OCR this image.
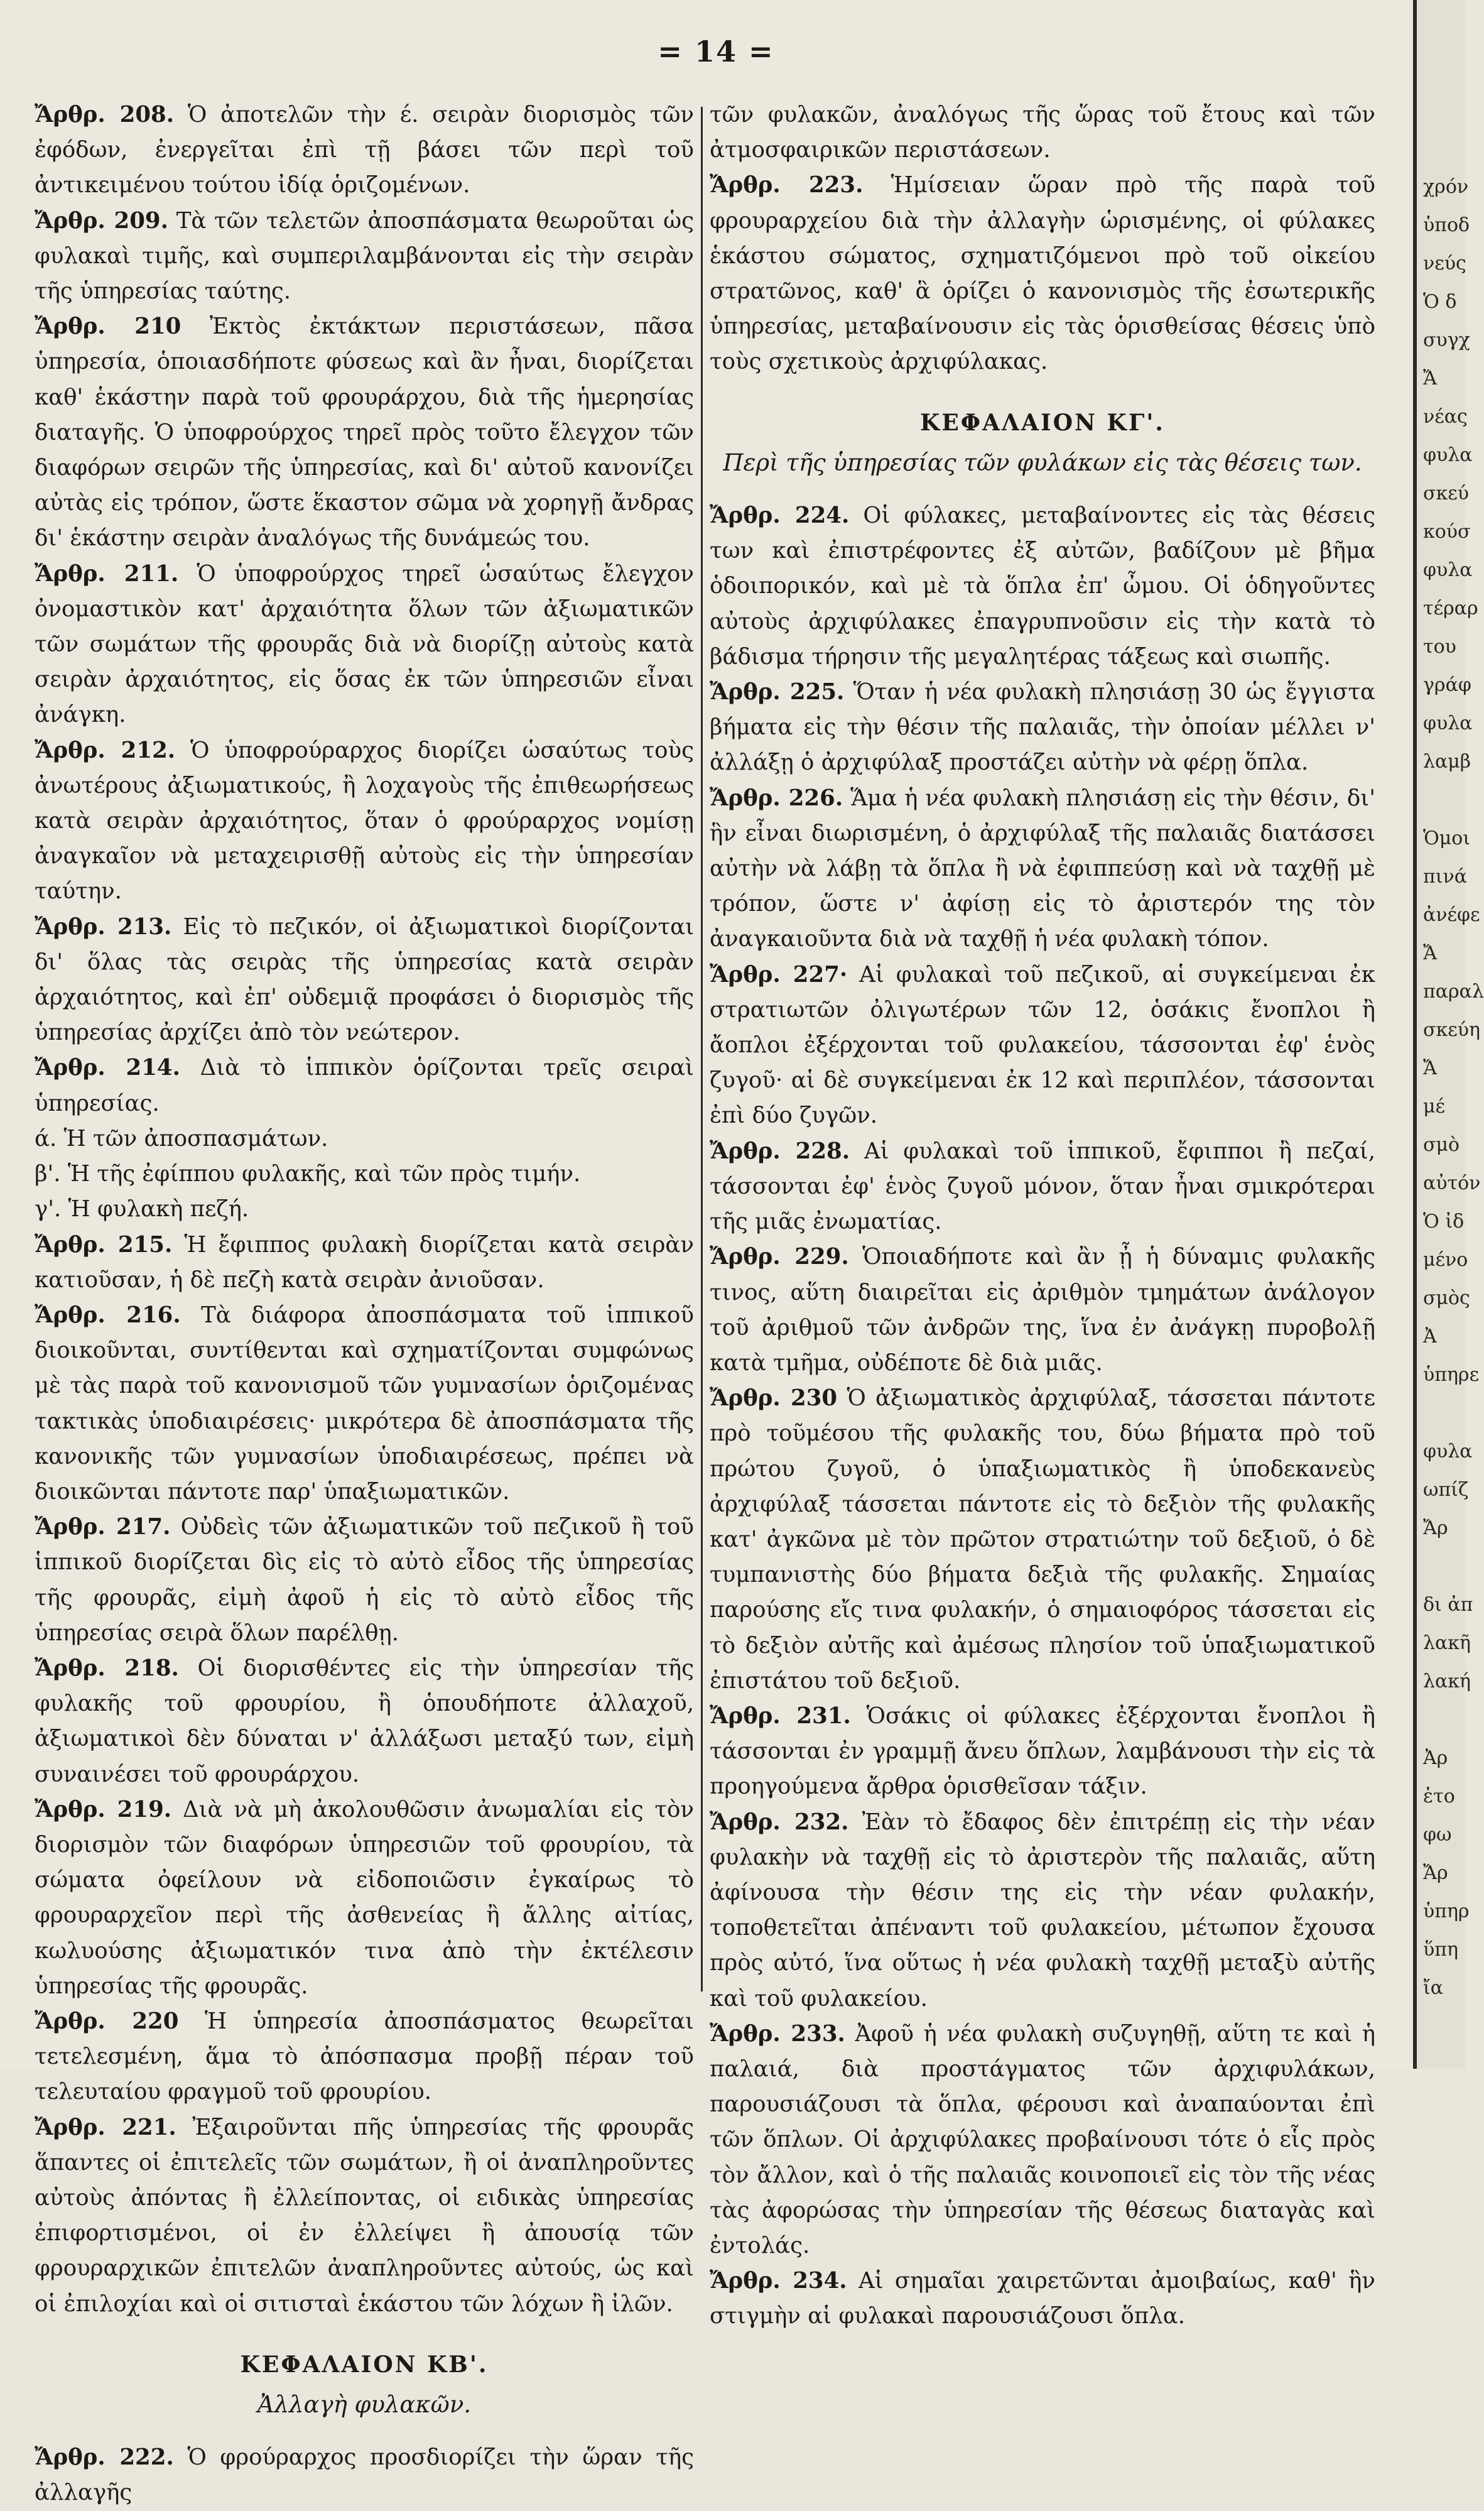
= 14 =

Ἄρθρ. 208. Ὁ ἀποτελῶν τὴν έ. σειρὰν διορισμὸς τῶν ἐφόδων, ἐνεργεῖται ἐπὶ τῇ βάσει τῶν περὶ τοῦ ἀντικειμένου τούτου ἰδίᾳ ὁριζομένων.

Ἄρθρ. 209. Τὰ τῶν τελετῶν ἀποσπάσματα θεωροῦται ὡς φυλακαὶ τιμῆς, καὶ συμπεριλαμβάνονται εἰς τὴν σειρὰν τῆς ὑπηρεσίας ταύτης.

Ἄρθρ. 210 Ἐκτὸς ἐκτάκτων περιστάσεων, πᾶσα ὑπηρεσία, ὁποιασδήποτε φύσεως καὶ ἂν ἦναι, διορίζεται καθ' ἑκάστην παρὰ τοῦ φρουράρχου, διὰ τῆς ἡμερησίας διαταγῆς. Ὁ ὑποφρούρχος τηρεῖ πρὸς τοῦτο ἔλεγχον τῶν διαφόρων σειρῶν τῆς ὑπηρεσίας, καὶ δι' αὐτοῦ κανονίζει αὐτὰς εἰς τρόπον, ὥστε ἕκαστον σῶμα νὰ χορηγῇ ἄνδρας δι' ἑκάστην σειρὰν ἀναλόγως τῆς δυνάμεώς του.

Ἄρθρ. 211. Ὁ ὑποφρούρχος τηρεῖ ὡσαύτως ἔλεγχον ὀνομαστικὸν κατ' ἀρχαιότητα ὅλων τῶν ἀξιωματικῶν τῶν σωμάτων τῆς φρουρᾶς διὰ νὰ διορίζῃ αὐτοὺς κατὰ σειρὰν ἀρχαιότητος, εἰς ὅσας ἐκ τῶν ὑπηρεσιῶν εἶναι ἀνάγκη.

Ἄρθρ. 212. Ὁ ὑποφρούραρχος διορίζει ὡσαύτως τοὺς ἀνωτέρους ἀξιωματικούς, ἢ λοχαγοὺς τῆς ἐπιθεωρήσεως κατὰ σειρὰν ἀρχαιότητος, ὅταν ὁ φρούραρχος νομίσῃ ἀναγκαῖον νὰ μεταχειρισθῇ αὐτοὺς εἰς τὴν ὑπηρεσίαν ταύτην.

Ἄρθρ. 213. Εἰς τὸ πεζικόν, οἱ ἀξιωματικοὶ διορίζονται δι' ὅλας τὰς σειρὰς τῆς ὑπηρεσίας κατὰ σειρὰν ἀρχαιότητος, καὶ ἐπ' οὐδεμιᾷ προφάσει ὁ διορισμὸς τῆς ὑπηρεσίας ἀρχίζει ἀπὸ τὸν νεώτερον.

Ἄρθρ. 214. Διὰ τὸ ἱππικὸν ὁρίζονται τρεῖς σειραὶ ὑπηρεσίας.

ά. Ἡ τῶν ἀποσπασμάτων.

β'. Ἡ τῆς ἐφίππου φυλακῆς, καὶ τῶν πρὸς τιμήν.

γ'. Ἡ φυλακὴ πεζή.

Ἄρθρ. 215. Ἡ ἔφιππος φυλακὴ διορίζεται κατὰ σειρὰν κατιοῦσαν, ἡ δὲ πεζὴ κατὰ σειρὰν ἀνιοῦσαν.

Ἄρθρ. 216. Τὰ διάφορα ἀποσπάσματα τοῦ ἱππικοῦ διοικοῦνται, συντίθενται καὶ σχηματίζονται συμφώνως μὲ τὰς παρὰ τοῦ κανονισμοῦ τῶν γυμνασίων ὁριζομένας τακτικὰς ὑποδιαιρέσεις· μικρότερα δὲ ἀποσπάσματα τῆς κανονικῆς τῶν γυμνασίων ὑποδιαιρέσεως, πρέπει νὰ διοικῶνται πάντοτε παρ' ὑπαξιωματικῶν.

Ἄρθρ. 217. Οὐδεὶς τῶν ἀξιωματικῶν τοῦ πεζικοῦ ἢ τοῦ ἱππικοῦ διορίζεται δὶς εἰς τὸ αὐτὸ εἶδος τῆς ὑπηρεσίας τῆς φρουρᾶς, εἰμὴ ἀφοῦ ἡ εἰς τὸ αὐτὸ εἶδος τῆς ὑπηρεσίας σειρὰ ὅλων παρέλθῃ.

Ἄρθρ. 218. Οἱ διορισθέντες εἰς τὴν ὑπηρεσίαν τῆς φυλακῆς τοῦ φρουρίου, ἢ ὁπουδήποτε ἀλλαχοῦ, ἀξιωματικοὶ δὲν δύναται ν' ἀλλάξωσι μεταξύ των, εἰμὴ συναινέσει τοῦ φρουράρχου.

Ἄρθρ. 219. Διὰ νὰ μὴ ἀκολουθῶσιν ἀνωμαλίαι εἰς τὸν διορισμὸν τῶν διαφόρων ὑπηρεσιῶν τοῦ φρουρίου, τὰ σώματα ὀφείλουν νὰ εἰδοποιῶσιν ἐγκαίρως τὸ φρουραρχεῖον περὶ τῆς ἀσθενείας ἢ ἄλλης αἰτίας, κωλυούσης ἀξιωματικόν τινα ἀπὸ τὴν ἐκτέλεσιν ὑπηρεσίας τῆς φρουρᾶς.

Ἄρθρ. 220 Ἡ ὑπηρεσία ἀποσπάσματος θεωρεῖται τετελεσμένη, ἅμα τὸ ἀπόσπασμα προβῇ πέραν τοῦ τελευταίου φραγμοῦ τοῦ φρουρίου.

Ἄρθρ. 221. Ἐξαιροῦνται πῆς ὑπηρεσίας τῆς φρουρᾶς ἅπαντες οἱ ἐπιτελεῖς τῶν σωμάτων, ἢ οἱ ἀναπληροῦντες αὐτοὺς ἀπόντας ἢ ἐλλείποντας, οἱ ειδικὰς ὑπηρεσίας ἐπιφορτισμένοι, οἱ ἐν ἐλλείψει ἢ ἀπουσίᾳ τῶν φρουραρχικῶν ἐπιτελῶν ἀναπληροῦντες αὐτούς, ὡς καὶ οἱ ἐπιλοχίαι καὶ οἱ σιτισταὶ ἑκάστου τῶν λόχων ἢ ἰλῶν.

ΚΕΦΑΛΑΙΟΝ ΚΒ'.
Ἀλλαγὴ φυλακῶν.

Ἄρθρ. 222. Ὁ φρούραρχος προσδιορίζει τὴν ὥραν τῆς ἀλλαγῆς

τῶν φυλακῶν, ἀναλόγως τῆς ὥρας τοῦ ἔτους καὶ τῶν ἀτμοσφαιρικῶν περιστάσεων.

Ἄρθρ. 223. Ἡμίσειαν ὥραν πρὸ τῆς παρὰ τοῦ φρουραρχείου διὰ τὴν ἀλλαγὴν ὡρισμένης, οἱ φύλακες ἑκάστου σώματος, σχηματιζόμενοι πρὸ τοῦ οἰκείου στρατῶνος, καθ' ἃ ὁρίζει ὁ κανονισμὸς τῆς ἐσωτερικῆς ὑπηρεσίας, μεταβαίνουσιν εἰς τὰς ὁρισθείσας θέσεις ὑπὸ τοὺς σχετικοὺς ἀρχιφύλακας.

ΚΕΦΑΛΑΙΟΝ ΚΓ'.
Περὶ τῆς ὑπηρεσίας τῶν φυλάκων εἰς τὰς θέσεις των.

Ἄρθρ. 224. Οἱ φύλακες, μεταβαίνοντες εἰς τὰς θέσεις των καὶ ἐπιστρέφοντες ἐξ αὐτῶν, βαδίζουν μὲ βῆμα ὁδοιπορικόν, καὶ μὲ τὰ ὅπλα ἐπ' ὦμου. Οἱ ὁδηγοῦντες αὐτοὺς ἀρχιφύλακες ἐπαγρυπνοῦσιν εἰς τὴν κατὰ τὸ βάδισμα τήρησιν τῆς μεγαλητέρας τάξεως καὶ σιωπῆς.

Ἄρθρ. 225. Ὅταν ἡ νέα φυλακὴ πλησιάσῃ 30 ὡς ἔγγιστα βήματα εἰς τὴν θέσιν τῆς παλαιᾶς, τὴν ὁποίαν μέλλει ν' ἀλλάξῃ ὁ ἀρχιφύλαξ προστάζει αὐτὴν νὰ φέρῃ ὅπλα.

Ἄρθρ. 226. Ἅμα ἡ νέα φυλακὴ πλησιάσῃ εἰς τὴν θέσιν, δι' ἣν εἶναι διωρισμένη, ὁ ἀρχιφύλαξ τῆς παλαιᾶς διατάσσει αὐτὴν νὰ λάβῃ τὰ ὅπλα ἢ νὰ ἐφιππεύσῃ καὶ νὰ ταχθῇ μὲ τρόπον, ὥστε ν' ἀφίσῃ εἰς τὸ ἀριστερόν της τὸν ἀναγκαιοῦντα διὰ νὰ ταχθῇ ἡ νέα φυλακὴ τόπον.

Ἄρθρ. 227· Αἱ φυλακαὶ τοῦ πεζικοῦ, αἱ συγκείμεναι ἐκ στρατιωτῶν ὀλιγωτέρων τῶν 12, ὁσάκις ἔνοπλοι ἢ ἄοπλοι ἐξέρχονται τοῦ φυλακείου, τάσσονται ἐφ' ἑνὸς ζυγοῦ· αἱ δὲ συγκείμεναι ἐκ 12 καὶ περιπλέον, τάσσονται ἐπὶ δύο ζυγῶν.

Ἄρθρ. 228. Αἱ φυλακαὶ τοῦ ἱππικοῦ, ἔφιπποι ἢ πεζαί, τάσσονται ἐφ' ἑνὸς ζυγοῦ μόνον, ὅταν ἦναι σμικρότεραι τῆς μιᾶς ἐνωματίας.

Ἄρθρ. 229. Ὁποιαδήποτε καὶ ἂν ᾖ ἡ δύναμις φυλακῆς τινος, αὕτη διαιρεῖται εἰς ἀριθμὸν τμημάτων ἀνάλογον τοῦ ἀριθμοῦ τῶν ἀνδρῶν της, ἵνα ἐν ἀνάγκῃ πυροβολῇ κατὰ τμῆμα, οὐδέποτε δὲ διὰ μιᾶς.

Ἄρθρ. 230 Ὁ ἀξιωματικὸς ἀρχιφύλαξ, τάσσεται πάντοτε πρὸ τοῦμέσου τῆς φυλακῆς του, δύω βήματα πρὸ τοῦ πρώτου ζυγοῦ, ὁ ὑπαξιωματικὸς ἢ ὑποδεκανεὺς ἀρχιφύλαξ τάσσεται πάντοτε εἰς τὸ δεξιὸν τῆς φυλακῆς κατ' ἀγκῶνα μὲ τὸν πρῶτον στρατιώτην τοῦ δεξιοῦ, ὁ δὲ τυμπανιστὴς δύο βήματα δεξιὰ τῆς φυλακῆς. Σημαίας παρούσης εἴς τινα φυλακήν, ὁ σημαιοφόρος τάσσεται εἰς τὸ δεξιὸν αὐτῆς καὶ ἀμέσως πλησίον τοῦ ὑπαξιωματικοῦ ἐπιστάτου τοῦ δεξιοῦ.

Ἄρθρ. 231. Ὁσάκις οἱ φύλακες ἐξέρχονται ἔνοπλοι ἢ τάσσονται ἐν γραμμῇ ἄνευ ὅπλων, λαμβάνουσι τὴν εἰς τὰ προηγούμενα ἄρθρα ὁρισθεῖσαν τάξιν.

Ἄρθρ. 232. Ἐὰν τὸ ἔδαφος δὲν ἐπιτρέπῃ εἰς τὴν νέαν φυλακὴν νὰ ταχθῇ εἰς τὸ ἀριστερὸν τῆς παλαιᾶς, αὕτη ἀφίνουσα τὴν θέσιν της εἰς τὴν νέαν φυλακήν, τοποθετεῖται ἀπέναντι τοῦ φυλακείου, μέτωπον ἔχουσα πρὸς αὐτό, ἵνα οὕτως ἡ νέα φυλακὴ ταχθῇ μεταξὺ αὐτῆς καὶ τοῦ φυλακείου.

Ἄρθρ. 233. Ἀφοῦ ἡ νέα φυλακὴ συζυγηθῇ, αὕτη τε καὶ ἡ παλαιά, διὰ προστάγματος τῶν ἀρχιφυλάκων, παρουσιάζουσι τὰ ὅπλα, φέρουσι καὶ ἀναπαύονται ἐπὶ τῶν ὅπλων. Οἱ ἀρχιφύλακες προβαίνουσι τότε ὁ εἷς πρὸς τὸν ἄλλον, καὶ ὁ τῆς παλαιᾶς κοινοποιεῖ εἰς τὸν τῆς νέας τὰς ἀφορώσας τὴν ὑπηρεσίαν τῆς θέσεως διαταγὰς καὶ ἐντολάς.

Ἄρθρ. 234. Αἱ σημαῖαι χαιρετῶνται ἀμοιβαίως, καθ' ἣν στιγμὴν αἱ φυλακαὶ παρουσιάζουσι ὅπλα.

χρόν
ὑποδ
νεύς
Ὁ δ
συγχ
Ἄ
νέας
φυλα
σκεύ
κούσ
φυλα
τέραρ
του
γράφ
φυλα
λαμβ
Ὁμοι
πινά
ἀνέφε
Ἄ
παραλ
σκεύη
Ἄ
μέ
σμὸ
αὐτόν
Ὁ ἰδ
μένο
σμὸς
Ἀ
ὑπηρε
φυλα
ωπίζ
Ἄρ
δι ἀπ
λακῆ
λακή
Ἀρ
ἑτο
φω
Ἄρ
ὑπηρ
ὕπη
ἴα
